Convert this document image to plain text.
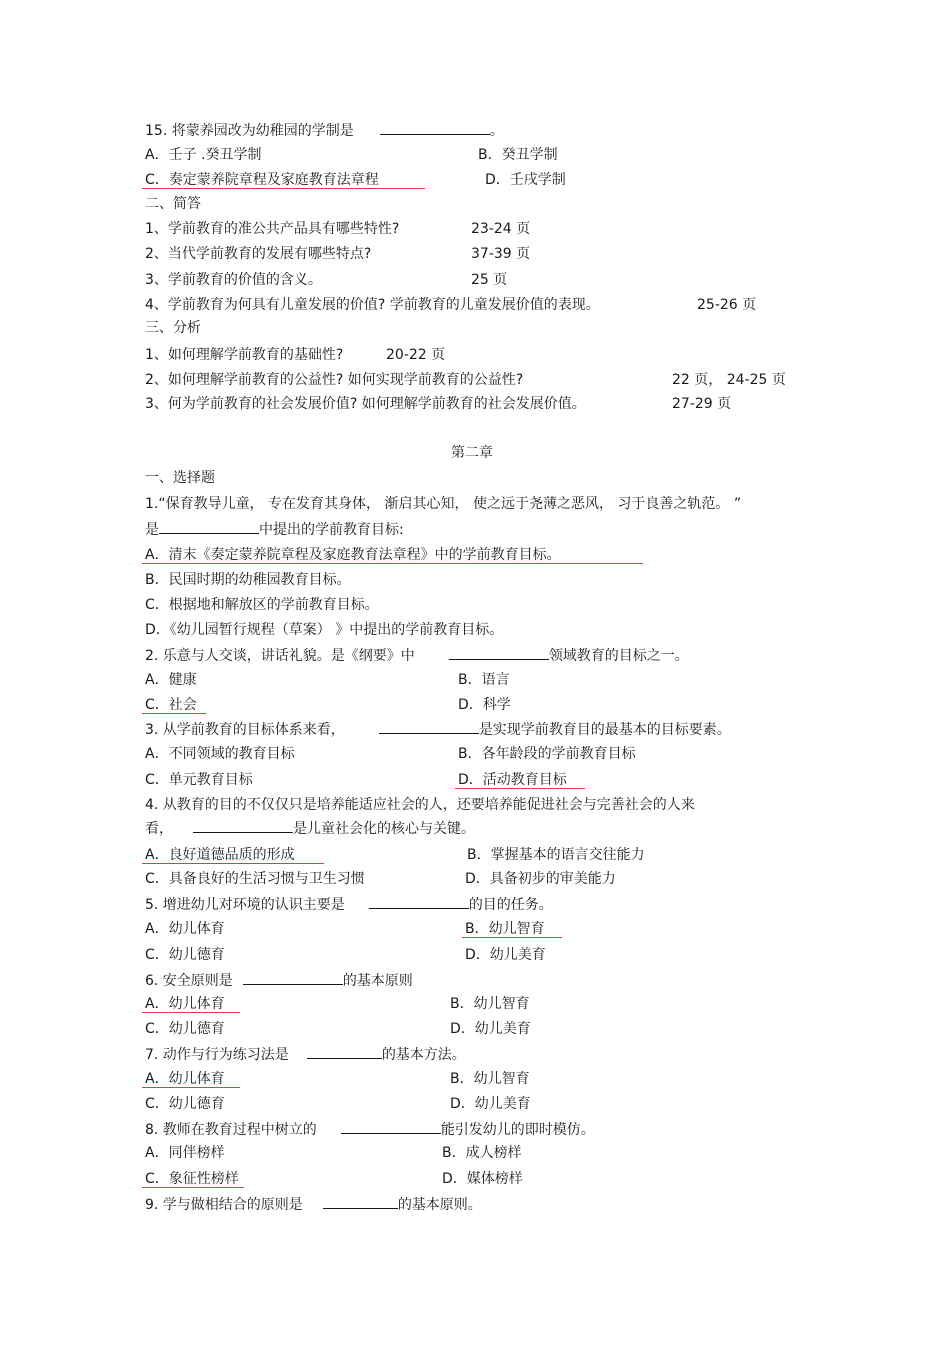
15. 将蒙养园改为幼稚园的学制是	。
A．壬子 .癸丑学制	B．癸丑学制
C．奏定蒙养院章程及家庭教育法章程	D．壬戌学制
二、简答
1、学前教育的准公共产品具有哪些特性?	23-24 页
2、当代学前教育的发展有哪些特点?	37-39 页
3、学前教育的价值的含义。	25 页
4、学前教育为何具有儿童发展的价值? 学前教育的儿童发展价值的表现。	25-26 页
三、分析
1、如何理解学前教育的基础性?	20-22 页
2、如何理解学前教育的公益性? 如何实现学前教育的公益性?	22 页， 24-25 页
3、何为学前教育的社会发展价值? 如何理解学前教育的社会发展价值。	27-29 页
第二章
一、选择题
1.“保育教导儿童， 专在发育其身体， 渐启其心知， 使之远于尧薄之恶风， 习于良善之轨范。 ”
是	中提出的学前教育目标:
A．清末《奏定蒙养院章程及家庭教育法章程》中的学前教育目标。
B．民国时期的幼稚园教育目标。
C．根据地和解放区的学前教育目标。
D．《幼儿园暂行规程（草案） 》中提出的学前教育目标。
2. 乐意与人交谈，讲话礼貌。是《纲要》中	领域教育的目标之一。
A．健康	B．语言
C．社会	D．科学
3. 从学前教育的目标体系来看，	是实现学前教育目的最基本的目标要素。
A．不同领域的教育目标	B．各年龄段的学前教育目标
C．单元教育目标	D．活动教育目标
4. 从教育的目的不仅仅只是培养能适应社会的人，还要培养能促进社会与完善社会的人来
看，	是儿童社会化的核心与关键。
A．良好道德品质的形成	B．掌握基本的语言交往能力
C．具备良好的生活习惯与卫生习惯	D．具备初步的审美能力
5. 增进幼儿对环境的认识主要是	的目的任务。
A．幼儿体育	B．幼儿智育
C．幼儿德育	D．幼儿美育
6. 安全原则是	的基本原则
A．幼儿体育	B．幼儿智育
C．幼儿德育	D．幼儿美育
7. 动作与行为练习法是	的基本方法。
A．幼儿体育	B．幼儿智育
C．幼儿德育	D．幼儿美育
8. 教师在教育过程中树立的	能引发幼儿的即时模仿。
A．同伴榜样	B．成人榜样
C．象征性榜样	D．媒体榜样
9. 学与做相结合的原则是	的基本原则。
